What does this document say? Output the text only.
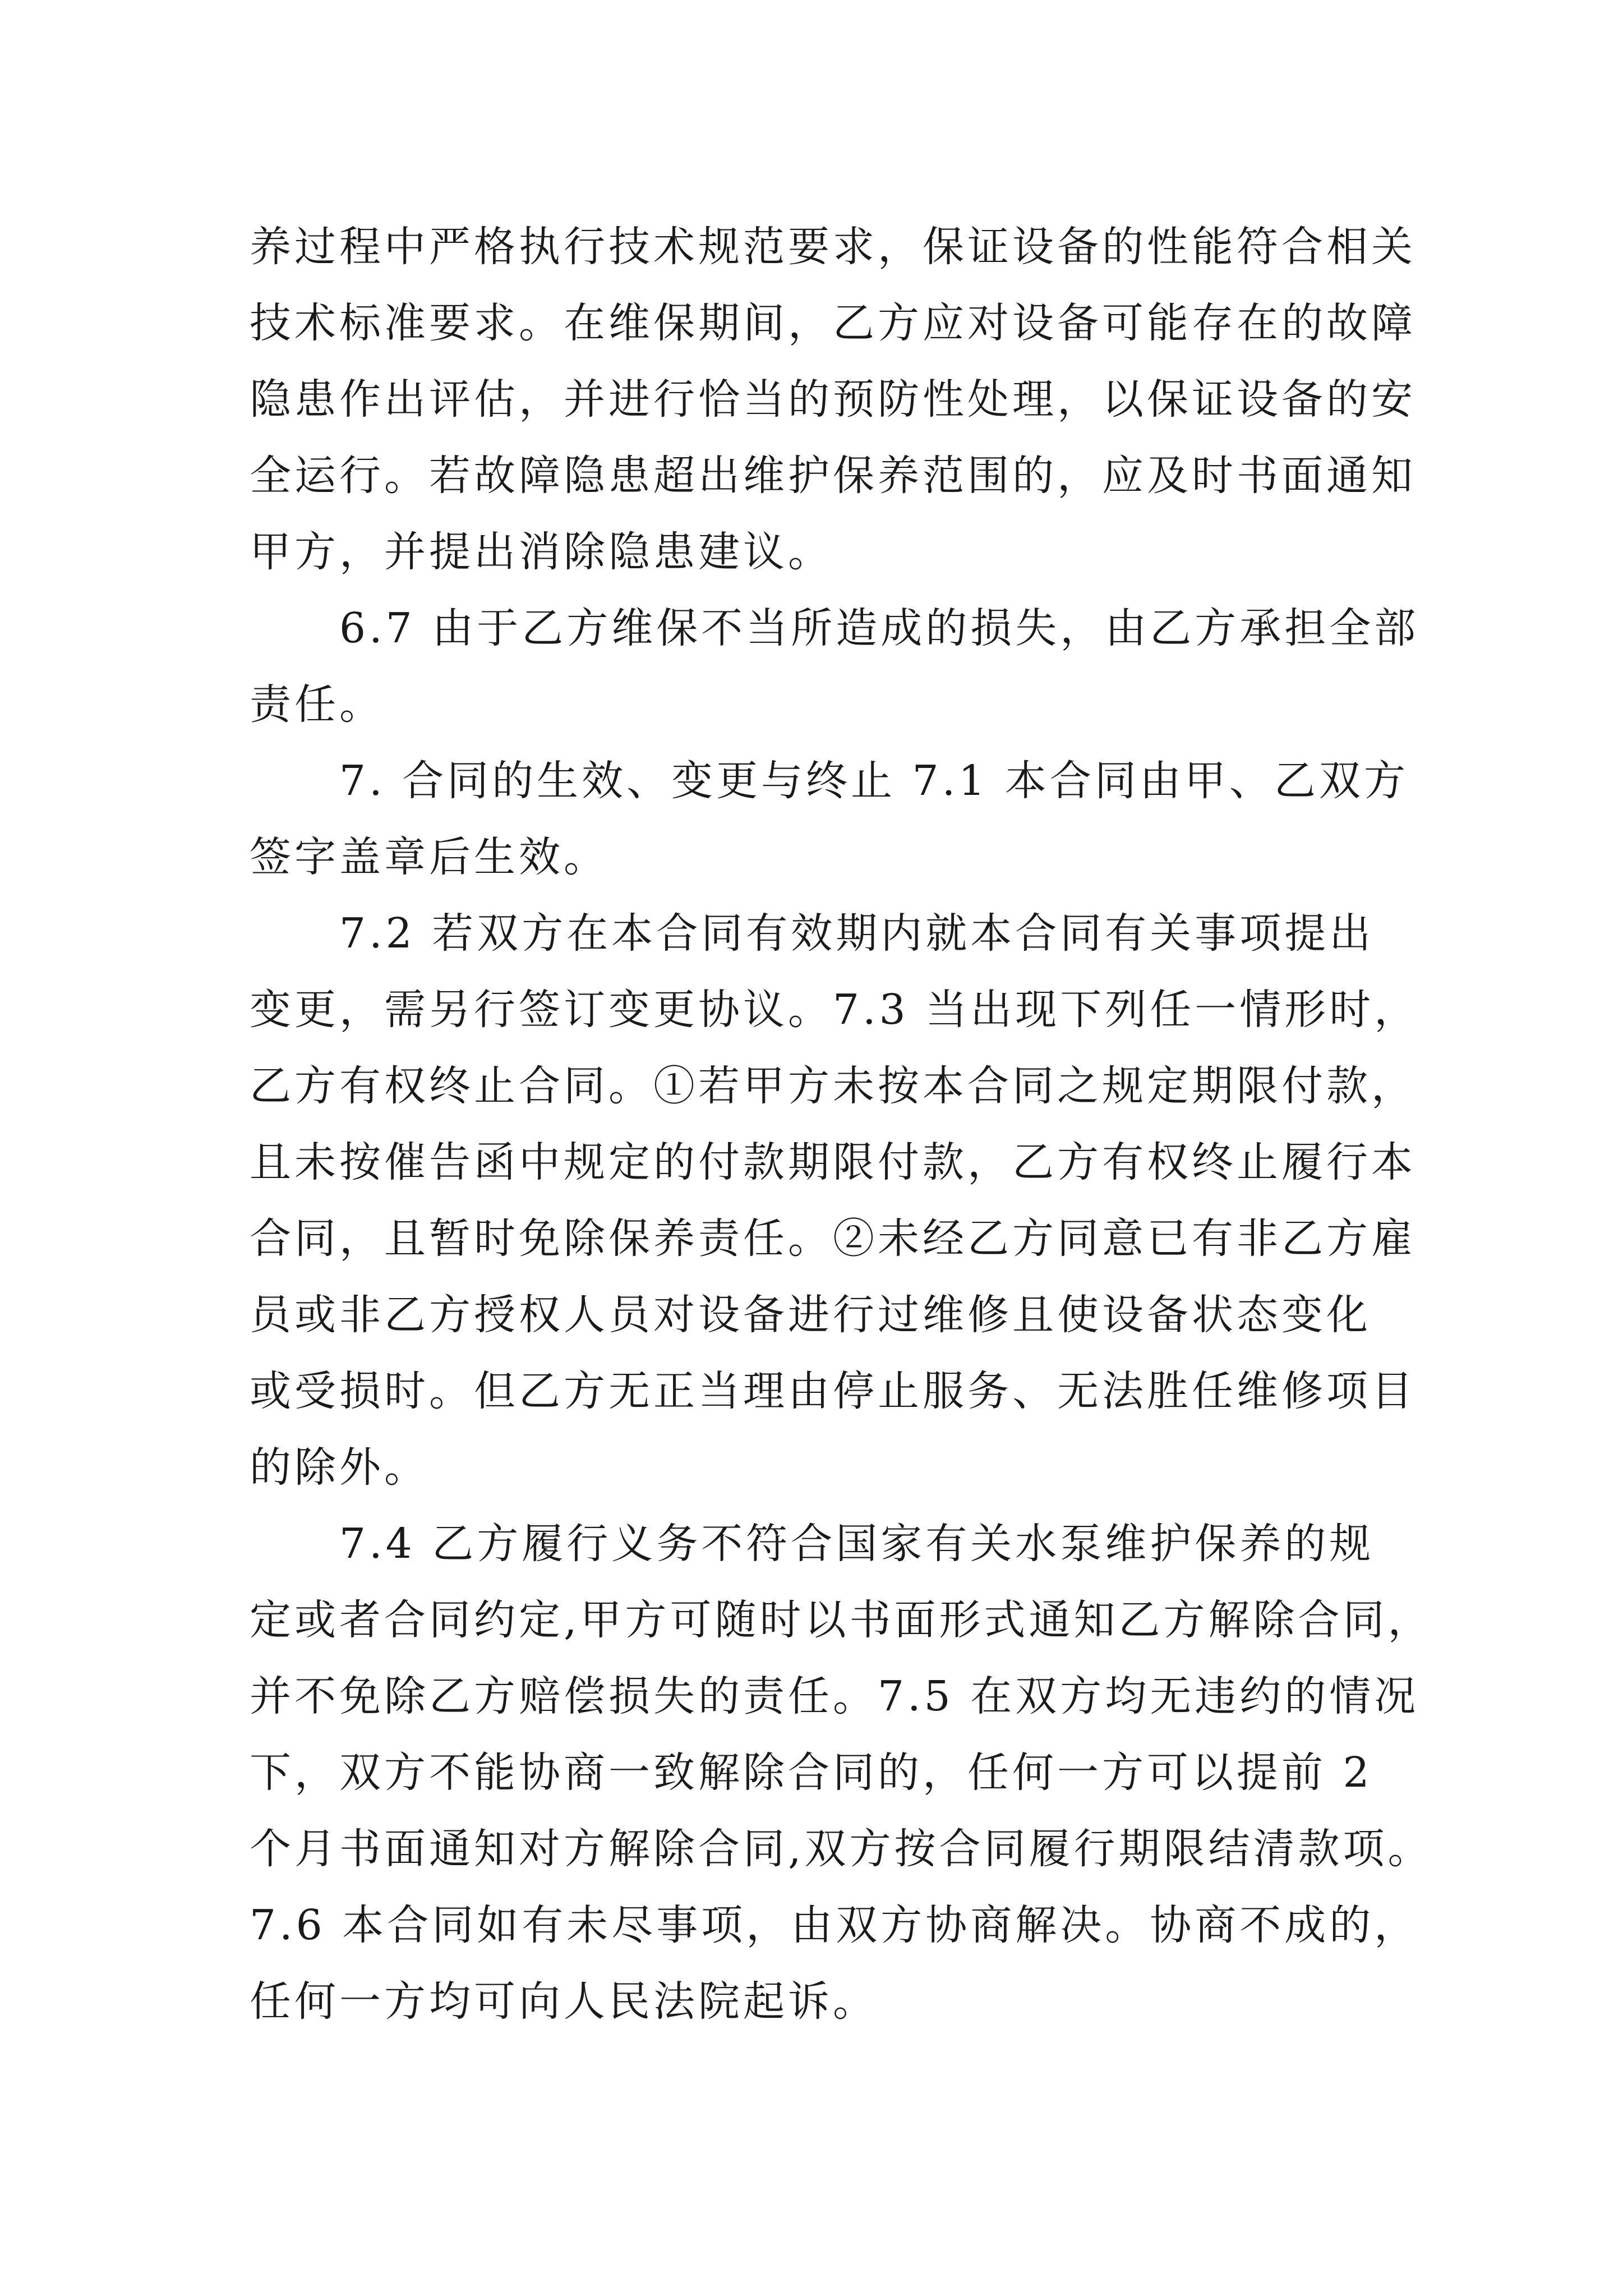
养过程中严格执行技术规范要求，保证设备的性能符合相关
技术标准要求。在维保期间，乙方应对设备可能存在的故障
隐患作出评估，并进行恰当的预防性处理，以保证设备的安
全运行。若故障隐患超出维护保养范围的，应及时书面通知
甲方，并提出消除隐患建议。
　　6.7 由于乙方维保不当所造成的损失，由乙方承担全部
责任。
　　7. 合同的生效、变更与终止 7.1 本合同由甲、乙双方
签字盖章后生效。
　　7.2 若双方在本合同有效期内就本合同有关事项提出
变更，需另行签订变更协议。7.3 当出现下列任一情形时，
乙方有权终止合同。①若甲方未按本合同之规定期限付款，
且未按催告函中规定的付款期限付款，乙方有权终止履行本
合同，且暂时免除保养责任。②未经乙方同意已有非乙方雇
员或非乙方授权人员对设备进行过维修且使设备状态变化
或受损时。但乙方无正当理由停止服务、无法胜任维修项目
的除外。
　　7.4 乙方履行义务不符合国家有关水泵维护保养的规
定或者合同约定,甲方可随时以书面形式通知乙方解除合同，
并不免除乙方赔偿损失的责任。7.5 在双方均无违约的情况
下，双方不能协商一致解除合同的，任何一方可以提前 2
个月书面通知对方解除合同,双方按合同履行期限结清款项。
7.6 本合同如有未尽事项，由双方协商解决。协商不成的，
任何一方均可向人民法院起诉。
